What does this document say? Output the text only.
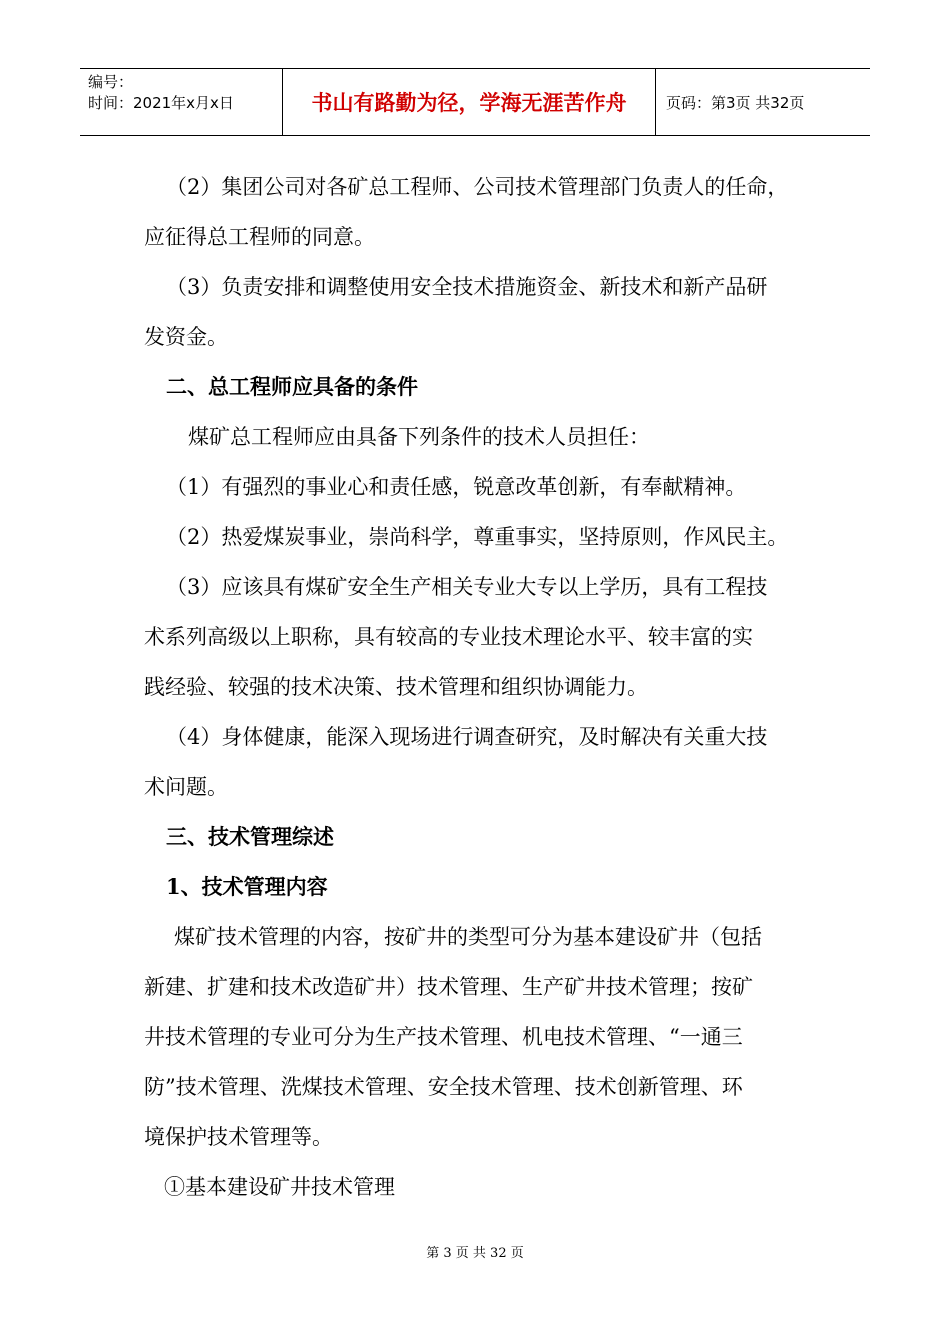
编号：
时间：2021年x月x日	书山有路勤为径，学海无涯苦作舟	页码：第3页 共32页

（2）集团公司对各矿总工程师、公司技术管理部门负责人的任命，

应征得总工程师的同意。

（3）负责安排和调整使用安全技术措施资金、新技术和新产品研

发资金。

二、总工程师应具备的条件

煤矿总工程师应由具备下列条件的技术人员担任：

（1）有强烈的事业心和责任感，锐意改革创新，有奉献精神。

（2）热爱煤炭事业，崇尚科学，尊重事实，坚持原则，作风民主。

（3）应该具有煤矿安全生产相关专业大专以上学历，具有工程技

术系列高级以上职称，具有较高的专业技术理论水平、较丰富的实

践经验、较强的技术决策、技术管理和组织协调能力。

（4）身体健康，能深入现场进行调查研究，及时解决有关重大技

术问题。

三、技术管理综述

1、技术管理内容

煤矿技术管理的内容，按矿井的类型可分为基本建设矿井（包括

新建、扩建和技术改造矿井）技术管理、生产矿井技术管理；按矿

井技术管理的专业可分为生产技术管理、机电技术管理、“一通三

防”技术管理、洗煤技术管理、安全技术管理、技术创新管理、环

境保护技术管理等。

①基本建设矿井技术管理

第 3 页 共 32 页
